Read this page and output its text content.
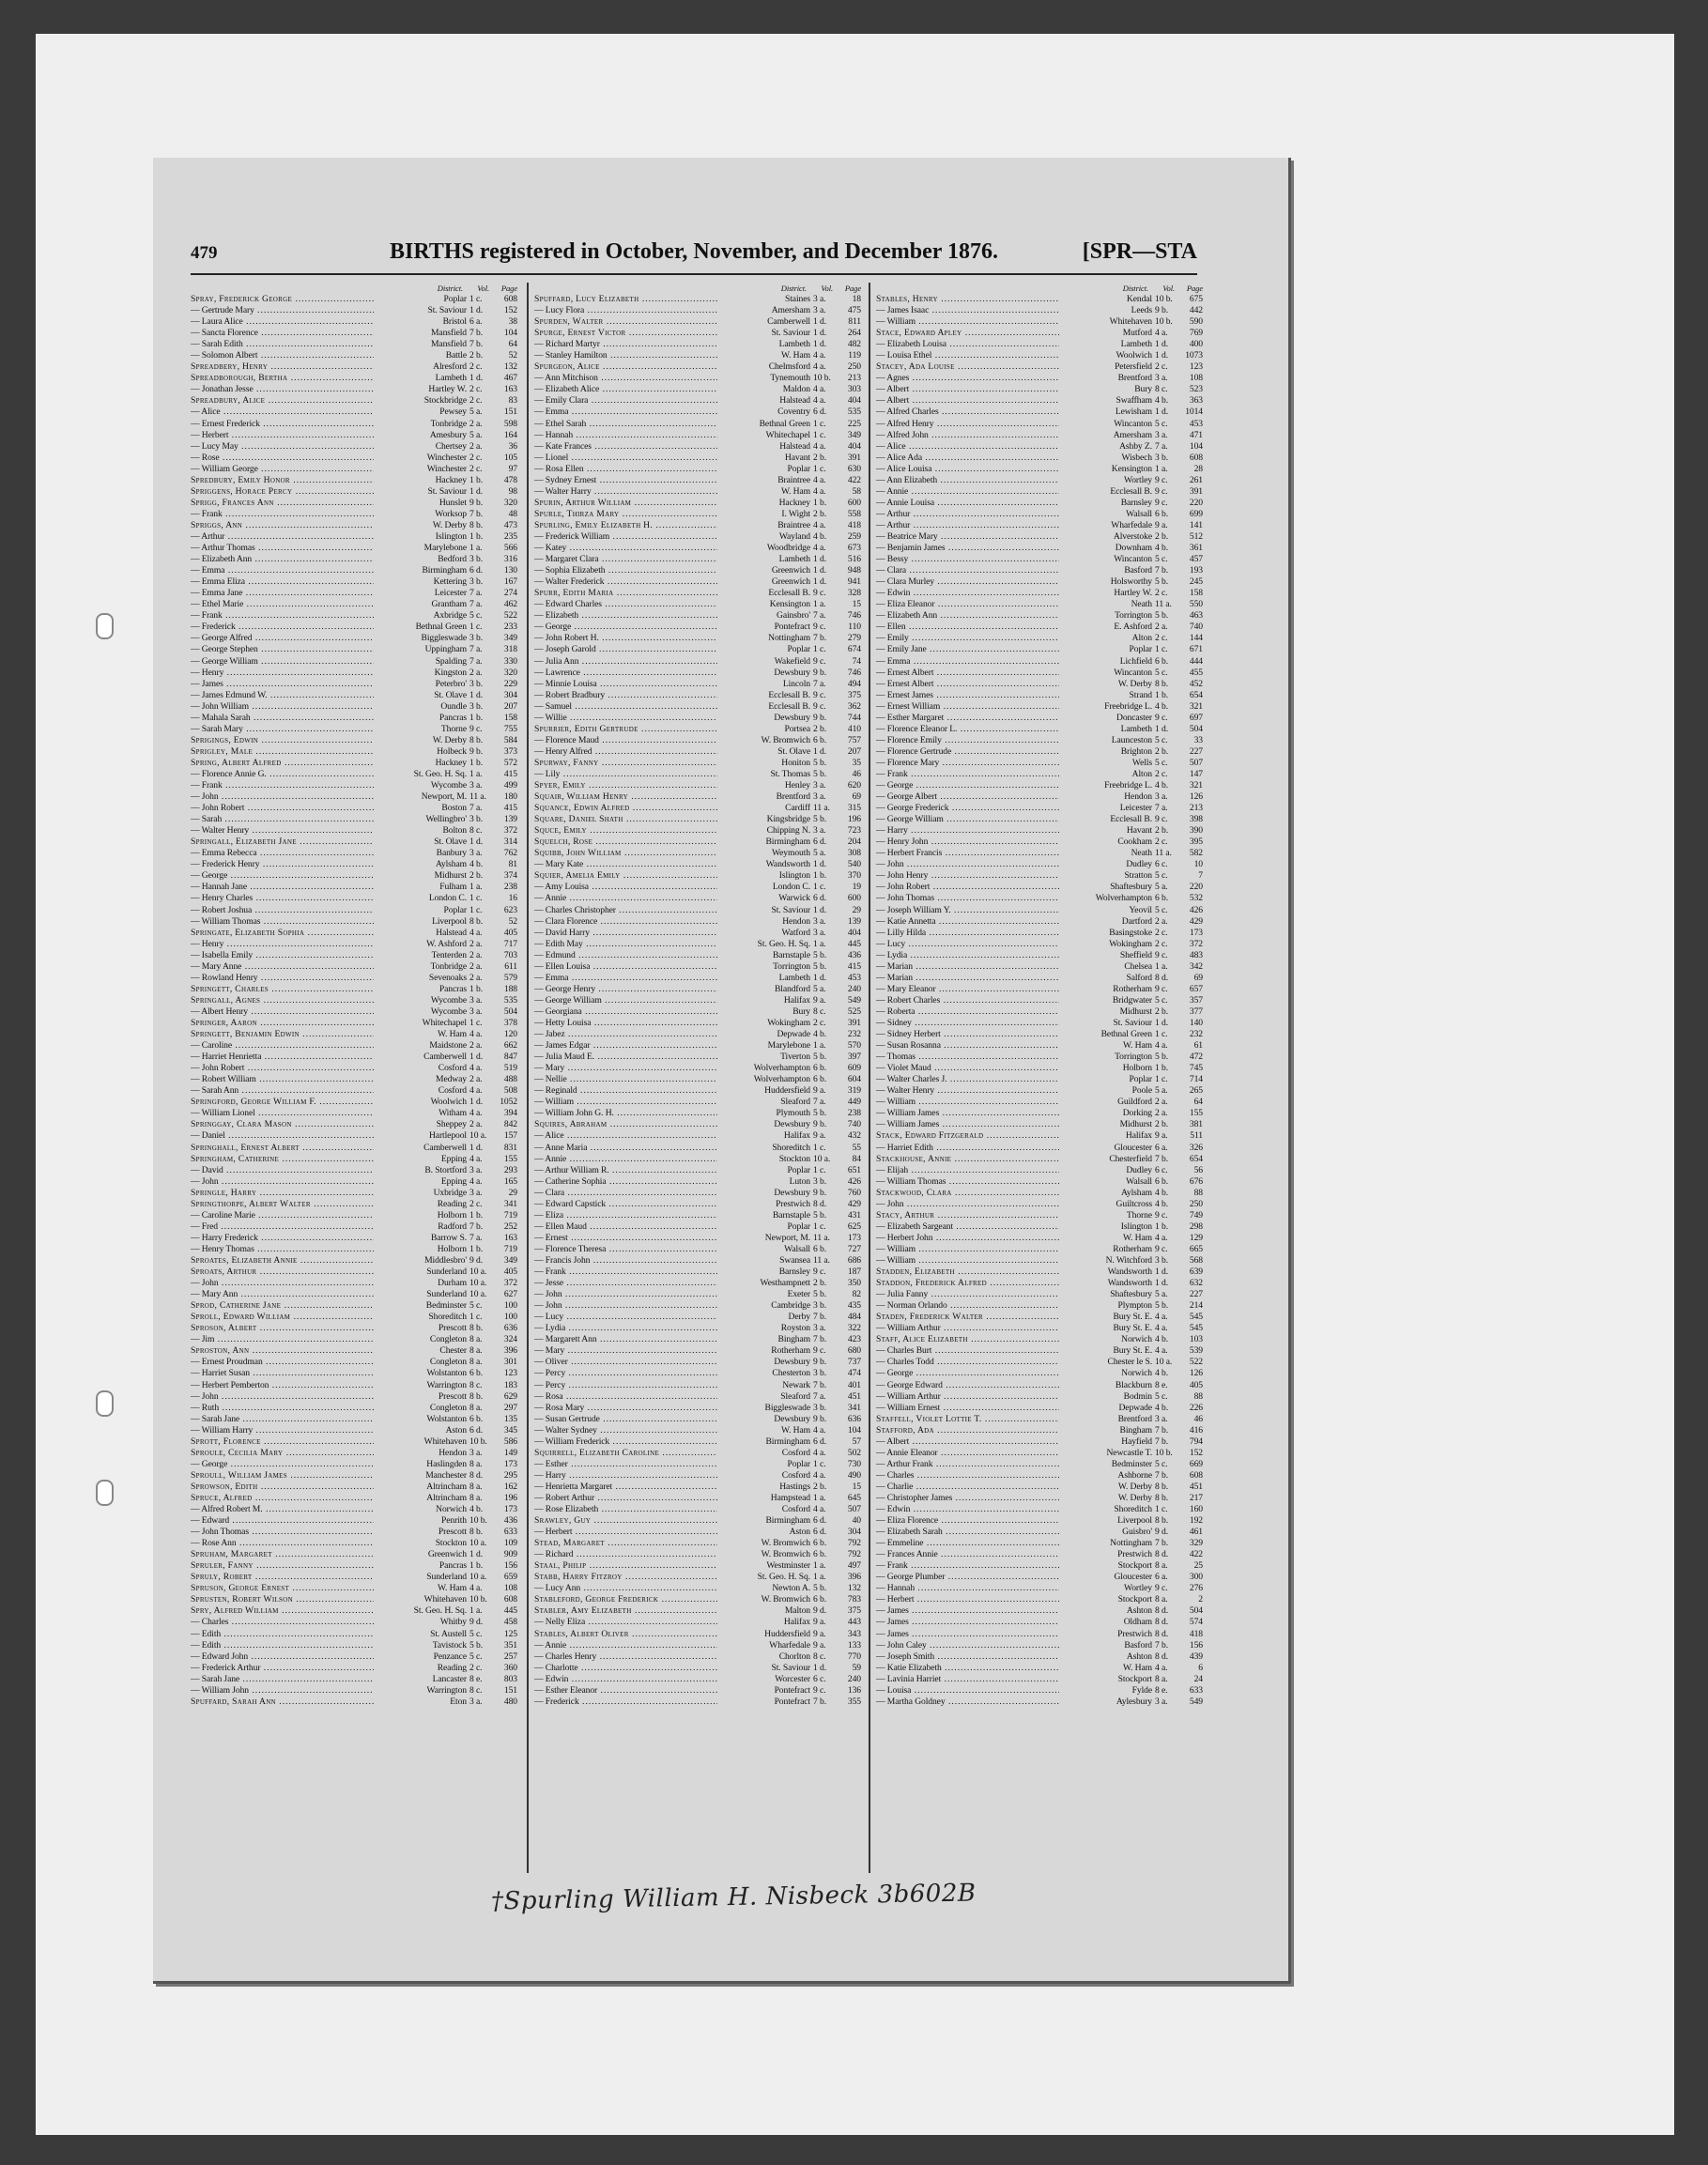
479	BIRTHS registered in October, November, and December 1876.	[SPR—STA
District. Vol. Page
Spray, Frederick George .....	Poplar 1 c.	608
— Gertrude Mary .....	St. Saviour 1 d.	152
— Laura Alice .....	Bristol 6 a.	38
— Sancta Florence .....	Mansfield 7 b.	104
— Sarah Edith .....	Mansfield 7 b.	64
— Solomon Albert .....	Battle 2 b.	52
Spreadbery, Henry .....	Alresford 2 c.	132
Spreadborough, Bertha .....	Lambeth 1 d.	467
— Jonathan Jesse .....	Hartley W. 2 c.	163
Spreadbury, Alice .....	Stockbridge 2 c.	83
— Alice .....	Pewsey 5 a.	151
— Ernest Frederick .....	Tonbridge 2 a.	598
— Herbert .....	Amesbury 5 a.	164
— Lucy May .....	Chertsey 2 a.	36
— Rose .....	Winchester 2 c.	105
— William George .....	Winchester 2 c.	97
Spredbury, Emily Honor .....	Hackney 1 b.	478
Spriggens, Horace Percy .....	St. Saviour 1 d.	98
Sprigg, Frances Ann .....	Hunslet 9 b.	320
— Frank .....	Worksop 7 b.	48
Spriggs, Ann .....	W. Derby 8 b.	473
— Arthur .....	Islington 1 b.	235
— Arthur Thomas .....	Marylebone 1 a.	566
— Elizabeth Ann .....	Bedford 3 b.	316
— Emma .....	Birmingham 6 d.	130
— Emma Eliza .....	Kettering 3 b.	167
— Emma Jane .....	Leicester 7 a.	274
— Ethel Marie .....	Grantham 7 a.	462
— Frank .....	Axbridge 5 c.	522
— Frederick .....	Bethnal Green 1 c.	233
— George Alfred .....	Biggleswade 3 b.	349
— George Stephen .....	Uppingham 7 a.	318
— George William .....	Spalding 7 a.	330
— Henry .....	Kingston 2 a.	320
— James .....	Peterbro' 3 b.	229
— James Edmund W. .....	St. Olave 1 d.	304
— John William .....	Oundle 3 b.	207
— Mahala Sarah .....	Pancras 1 b.	158
— Sarah Mary .....	Thorne 9 c.	755
Sprigings, Edwin .....	W. Derby 8 b.	584
Sprigley, Male .....	Holbeck 9 b.	373
Spring, Albert Alfred .....	Hackney 1 b.	572
— Florence Annie G. .....	St. Geo. H. Sq. 1 a.	415
— Frank .....	Wycombe 3 a.	499
— John .....	Newport, M. 11 a.	180
— John Robert .....	Boston 7 a.	415
— Sarah .....	Wellingbro' 3 b.	139
— Walter Henry .....	Bolton 8 c.	372
Springall, Elizabeth Jane .....	St. Olave 1 d.	314
— Emma Rebecca .....	Banbury 3 a.	762
— Frederick Henry .....	Aylsham 4 b.	81
— George .....	Midhurst 2 b.	374
— Hannah Jane .....	Fulham 1 a.	238
— Henry Charles .....	London C. 1 c.	16
— Robert Joshua .....	Poplar 1 c.	623
— William Thomas .....	Liverpool 8 b.	52
Springate, Elizabeth Sophia .....	Halstead 4 a.	405
— Henry .....	W. Ashford 2 a.	717
— Isabella Emily .....	Tenterden 2 a.	703
— Mary Anne .....	Tonbridge 2 a.	611
— Rowland Henry .....	Sevenoaks 2 a.	579
Springett, Charles .....	Pancras 1 b.	188
Springall, Agnes .....	Wycombe 3 a.	535
— Albert Henry .....	Wycombe 3 a.	504
Springer, Aaron .....	Whitechapel 1 c.	378
Springett, Benjamin Edwin .....	W. Ham 4 a.	120
— Caroline .....	Maidstone 2 a.	662
— Harriet Henrietta .....	Camberwell 1 d.	847
— John Robert .....	Cosford 4 a.	519
— Robert William .....	Medway 2 a.	488
— Sarah Ann .....	Cosford 4 a.	508
Springford, George William F. .....	Woolwich 1 d.	1052
— William Lionel .....	Witham 4 a.	394
Springgay, Clara Mason .....	Sheppey 2 a.	842
— Daniel .....	Hartlepool 10 a.	157
Springhall, Ernest Albert .....	Camberwell 1 d.	831
Springham, Catherine .....	Epping 4 a.	155
— David .....	B. Stortford 3 a.	293
— John .....	Epping 4 a.	165
Springle, Harry .....	Uxbridge 3 a.	29
Springthorpe, Albert Walter .....	Reading 2 c.	341
— Caroline Marie .....	Holborn 1 b.	719
— Fred .....	Radford 7 b.	252
— Harry Frederick .....	Barrow S. 7 a.	163
— Henry Thomas .....	Holborn 1 b.	719
Sproates, Elizabeth Annie .....	Middlesbro' 9 d.	349
Sproats, Arthur .....	Sunderland 10 a.	405
— John .....	Durham 10 a.	372
— Mary Ann .....	Sunderland 10 a.	627
Sprod, Catherine Jane .....	Bedminster 5 c.	100
Sproll, Edward William .....	Shoreditch 1 c.	100
Sproson, Albert .....	Prescott 8 b.	636
— Jim .....	Congleton 8 a.	324
Sproston, Ann .....	Chester 8 a.	396
— Ernest Proudman .....	Congleton 8 a.	301
— Harriet Susan .....	Wolstanton 6 b.	123
— Herbert Pemberton .....	Warrington 8 c.	183
— John .....	Prescott 8 b.	629
— Ruth .....	Congleton 8 a.	297
— Sarah Jane .....	Wolstanton 6 b.	135
— William Harry .....	Aston 6 d.	345
Sprott, Florence .....	Whitehaven 10 b.	586
Sproule, Cecilia Mary .....	Hendon 3 a.	149
— George .....	Haslingden 8 a.	173
Sproull, William James .....	Manchester 8 d.	295
Sprowson, Edith .....	Altrincham 8 a.	162
Spruce, Alfred .....	Altrincham 8 a.	196
— Alfred Robert M. .....	Norwich 4 b.	173
— Edward .....	Penrith 10 b.	436
— John Thomas .....	Prescott 8 b.	633
— Rose Ann .....	Stockton 10 a.	109
Spruham, Margaret .....	Greenwich 1 d.	909
Spruler, Fanny .....	Pancras 1 b.	156
Spruly, Robert .....	Sunderland 10 a.	659
Spruson, George Ernest .....	W. Ham 4 a.	108
Sprusten, Robert Wilson .....	Whitehaven 10 b.	608
Spry, Alfred William .....	St. Geo. H. Sq. 1 a.	445
— Charles .....	Whitby 9 d.	458
— Edith .....	St. Austell 5 c.	125
— Edith .....	Tavistock 5 b.	351
— Edward John .....	Penzance 5 c.	257
— Frederick Arthur .....	Reading 2 c.	360
— Sarah Jane .....	Lancaster 8 e.	803
— William John .....	Warrington 8 c.	151
Spuffard, Sarah Ann .....	Eton 3 a.	480
District. Vol. Page
Spuffard, Lucy Elizabeth .....	Staines 3 a.	18
— Lucy Flora .....	Amersham 3 a.	475
Spurden, Walter .....	Camberwell 1 d.	811
Spurge, Ernest Victor .....	St. Saviour 1 d.	264
— Richard Martyr .....	Lambeth 1 d.	482
— Stanley Hamilton .....	W. Ham 4 a.	119
Spurgeon, Alice .....	Chelmsford 4 a.	250
— Ann Mitchison .....	Tynemouth 10 b.	213
— Elizabeth Alice .....	Maldon 4 a.	303
— Emily Clara .....	Halstead 4 a.	404
— Emma .....	Coventry 6 d.	535
— Ethel Sarah .....	Bethnal Green 1 c.	225
— Hannah .....	Whitechapel 1 c.	349
— Kate Frances .....	Halstead 4 a.	404
— Lionel .....	Havant 2 b.	391
— Rosa Ellen .....	Poplar 1 c.	630
— Sydney Ernest .....	Braintree 4 a.	422
— Walter Harry .....	W. Ham 4 a.	58
Spurin, Arthur William .....	Hackney 1 b.	600
Spurle, Thirza Mary .....	I. Wight 2 b.	558
Spurling, Emily Elizabeth H. .....	Braintree 4 a.	418
— Frederick William .....	Wayland 4 b.	259
— Katey .....	Woodbridge 4 a.	673
— Margaret Clara .....	Lambeth 1 d.	516
— Sophia Elizabeth .....	Greenwich 1 d.	948
— Walter Frederick .....	Greenwich 1 d.	941
Spurr, Edith Maria .....	Ecclesall B. 9 c.	328
— Edward Charles .....	Kensington 1 a.	15
— Elizabeth .....	Gainsbro' 7 a.	746
— George .....	Pontefract 9 c.	110
— John Robert H. .....	Nottingham 7 b.	279
— Joseph Garold .....	Poplar 1 c.	674
— Julia Ann .....	Wakefield 9 c.	74
— Lawrence .....	Dewsbury 9 b.	746
— Minnie Louisa .....	Lincoln 7 a.	494
— Robert Bradbury .....	Ecclesall B. 9 c.	375
— Samuel .....	Ecclesall B. 9 c.	362
— Willie .....	Dewsbury 9 b.	744
Spurrier, Edith Gertrude .....	Portsea 2 b.	410
— Florence Maud .....	W. Bromwich 6 b.	757
— Henry Alfred .....	St. Olave 1 d.	207
Spurway, Fanny .....	Honiton 5 b.	35
— Lily .....	St. Thomas 5 b.	46
Spyer, Emily .....	Henley 3 a.	620
Squair, William Henry .....	Brentford 3 a.	69
Squance, Edwin Alfred .....	Cardiff 11 a.	315
Square, Daniel Shath .....	Kingsbridge 5 b.	196
Squce, Emily .....	Chipping N. 3 a.	723
Squelch, Rose .....	Birmingham 6 d.	204
Squibb, John William .....	Weymouth 5 a.	308
— Mary Kate .....	Wandsworth 1 d.	540
Squier, Amelia Emily .....	Islington 1 b.	370
— Amy Louisa .....	London C. 1 c.	19
— Annie .....	Warwick 6 d.	600
— Charles Christopher .....	St. Saviour 1 d.	29
— Clara Florence .....	Hendon 3 a.	139
— David Harry .....	Watford 3 a.	404
— Edith May .....	St. Geo. H. Sq. 1 a.	445
— Edmund .....	Barnstaple 5 b.	436
— Ellen Louisa .....	Torrington 5 b.	415
— Emma .....	Lambeth 1 d.	453
— George Henry .....	Blandford 5 a.	240
— George William .....	Halifax 9 a.	549
— Georgiana .....	Bury 8 c.	525
— Hetty Louisa .....	Wokingham 2 c.	391
— Jabez .....	Depwade 4 b.	232
— James Edgar .....	Marylebone 1 a.	570
— Julia Maud E. .....	Tiverton 5 b.	397
— Mary .....	Wolverhampton 6 b.	609
— Nellie .....	Wolverhampton 6 b.	604
— Reginald .....	Huddersfield 9 a.	319
— William .....	Sleaford 7 a.	449
— William John G. H. .....	Plymouth 5 b.	238
Squires, Abraham .....	Dewsbury 9 b.	740
— Alice .....	Halifax 9 a.	432
— Anne Maria .....	Shoreditch 1 c.	55
— Annie .....	Stockton 10 a.	84
— Arthur William R. .....	Poplar 1 c.	651
— Catherine Sophia .....	Luton 3 b.	426
— Clara .....	Dewsbury 9 b.	760
— Edward Capstick .....	Prestwich 8 d.	429
— Eliza .....	Barnstaple 5 b.	431
— Ellen Maud .....	Poplar 1 c.	625
— Ernest .....	Newport, M. 11 a.	173
— Florence Theresa .....	Walsall 6 b.	727
— Francis John .....	Swansea 11 a.	686
— Frank .....	Barnsley 9 c.	187
— Jesse .....	Westhampnett 2 b.	350
— John .....	Exeter 5 b.	82
— John .....	Cambridge 3 b.	435
— Lucy .....	Derby 7 b.	484
— Lydia .....	Royston 3 a.	322
— Margarett Ann .....	Bingham 7 b.	423
— Mary .....	Rotherham 9 c.	680
— Oliver .....	Dewsbury 9 b.	737
— Percy .....	Chesterton 3 b.	474
— Percy .....	Newark 7 b.	401
— Rosa .....	Sleaford 7 a.	451
— Rosa Mary .....	Biggleswade 3 b.	341
— Susan Gertrude .....	Dewsbury 9 b.	636
— Walter Sydney .....	W. Ham 4 a.	104
— William Frederick .....	Birmingham 6 d.	57
Squirrell, Elizabeth Caroline .....	Cosford 4 a.	502
— Esther .....	Poplar 1 c.	730
— Harry .....	Cosford 4 a.	490
— Henrietta Margaret .....	Hastings 2 b.	15
— Robert Arthur .....	Hampstead 1 a.	645
— Rose Elizabeth .....	Cosford 4 a.	507
Srawley, Guy .....	Birmingham 6 d.	40
— Herbert .....	Aston 6 d.	304
Stead, Margaret .....	W. Bromwich 6 b.	792
— Richard .....	W. Bromwich 6 b.	792
Staal, Philip .....	Westminster 1 a.	497
Stabb, Harry Fitzroy .....	St. Geo. H. Sq. 1 a.	396
— Lucy Ann .....	Newton A. 5 b.	132
Stableford, George Frederick .....	W. Bromwich 6 b.	783
Stabler, Amy Elizabeth .....	Malton 9 d.	375
— Nelly Eliza .....	Halifax 9 a.	443
Stables, Albert Oliver .....	Huddersfield 9 a.	343
— Annie .....	Wharfedale 9 a.	133
— Charles Henry .....	Chorlton 8 c.	770
— Charlotte .....	St. Saviour 1 d.	59
— Edwin .....	Worcester 6 c.	240
— Esther Eleanor .....	Pontefract 9 c.	136
— Frederick .....	Pontefract 7 b.	355
District. Vol. Page
Stables, Henry .....	Kendal 10 b.	675
— James Isaac .....	Leeds 9 b.	442
— William .....	Whitehaven 10 b.	590
Stace, Edward Apley .....	Mutford 4 a.	769
— Elizabeth Louisa .....	Lambeth 1 d.	400
— Louisa Ethel .....	Woolwich 1 d.	1073
Stacey, Ada Louise .....	Petersfield 2 c.	123
— Agnes .....	Brentford 3 a.	108
— Albert .....	Bury 8 c.	523
— Albert .....	Swaffham 4 b.	363
— Alfred Charles .....	Lewisham 1 d.	1014
— Alfred Henry .....	Wincanton 5 c.	453
— Alfred John .....	Amersham 3 a.	471
— Alice .....	Ashby Z. 7 a.	104
— Alice Ada .....	Wisbech 3 b.	608
— Alice Louisa .....	Kensington 1 a.	28
— Ann Elizabeth .....	Wortley 9 c.	261
— Annie .....	Ecclesall B. 9 c.	391
— Annie Louisa .....	Barnsley 9 c.	220
— Arthur .....	Walsall 6 b.	699
— Arthur .....	Wharfedale 9 a.	141
— Beatrice Mary .....	Alverstoke 2 b.	512
— Benjamin James .....	Downham 4 b.	361
— Bessy .....	Wincanton 5 c.	457
— Clara .....	Basford 7 b.	193
— Clara Murley .....	Holsworthy 5 b.	245
— Edwin .....	Hartley W. 2 c.	158
— Eliza Eleanor .....	Neath 11 a.	550
— Elizabeth Ann .....	Torrington 5 b.	463
— Ellen .....	E. Ashford 2 a.	740
— Emily .....	Alton 2 c.	144
— Emily Jane .....	Poplar 1 c.	671
— Emma .....	Lichfield 6 b.	444
— Ernest Albert .....	Wincanton 5 c.	455
— Ernest Albert .....	W. Derby 8 b.	452
— Ernest James .....	Strand 1 b.	654
— Ernest William .....	Freebridge L. 4 b.	321
— Esther Margaret .....	Doncaster 9 c.	697
— Florence Eleanor L. .....	Lambeth 1 d.	504
— Florence Emily .....	Launceston 5 c.	33
— Florence Gertrude .....	Brighton 2 b.	227
— Florence Mary .....	Wells 5 c.	507
— Frank .....	Alton 2 c.	147
— George .....	Freebridge L. 4 b.	321
— George Albert .....	Hendon 3 a.	126
— George Frederick .....	Leicester 7 a.	213
— George William .....	Ecclesall B. 9 c.	398
— Harry .....	Havant 2 b.	390
— Henry John .....	Cookham 2 c.	395
— Herbert Francis .....	Neath 11 a.	582
— John .....	Dudley 6 c.	10
— John Henry .....	Stratton 5 c.	7
— John Robert .....	Shaftesbury 5 a.	220
— John Thomas .....	Wolverhampton 6 b.	532
— Joseph William Y. .....	Yeovil 5 c.	426
— Katie Annetta .....	Dartford 2 a.	429
— Lilly Hilda .....	Basingstoke 2 c.	173
— Lucy .....	Wokingham 2 c.	372
— Lydia .....	Sheffield 9 c.	483
— Marian .....	Chelsea 1 a.	342
— Marian .....	Salford 8 d.	69
— Mary Eleanor .....	Rotherham 9 c.	657
— Robert Charles .....	Bridgwater 5 c.	357
— Roberta .....	Midhurst 2 b.	377
— Sidney .....	St. Saviour 1 d.	140
— Sidney Herbert .....	Bethnal Green 1 c.	232
— Susan Rosanna .....	W. Ham 4 a.	61
— Thomas .....	Torrington 5 b.	472
— Violet Maud .....	Holborn 1 b.	745
— Walter Charles J. .....	Poplar 1 c.	714
— Walter Henry .....	Poole 5 a.	265
— William .....	Guildford 2 a.	64
— William James .....	Dorking 2 a.	155
— William James .....	Midhurst 2 b.	381
Stack, Edward Fitzgerald .....	Halifax 9 a.	511
— Harriet Edith .....	Gloucester 6 a.	326
Stackhouse, Annie .....	Chesterfield 7 b.	654
— Elijah .....	Dudley 6 c.	56
— William Thomas .....	Walsall 6 b.	676
Stackwood, Clara .....	Aylsham 4 b.	88
— John .....	Guiltcross 4 b.	250
Stacy, Arthur .....	Thorne 9 c.	749
— Elizabeth Sargeant .....	Islington 1 b.	298
— Herbert John .....	W. Ham 4 a.	129
— William .....	Rotherham 9 c.	665
— William .....	N. Witchford 3 b.	568
Stadden, Elizabeth .....	Wandsworth 1 d.	639
Staddon, Frederick Alfred .....	Wandsworth 1 d.	632
— Julia Fanny .....	Shaftesbury 5 a.	227
— Norman Orlando .....	Plympton 5 b.	214
Staden, Frederick Walter .....	Bury St. E. 4 a.	545
— William Arthur .....	Bury St. E. 4 a.	545
Staff, Alice Elizabeth .....	Norwich 4 b.	103
— Charles Burt .....	Bury St. E. 4 a.	539
— Charles Todd .....	Chester le S. 10 a.	522
— George .....	Norwich 4 b.	126
— George Edward .....	Blackburn 8 e.	405
— William Arthur .....	Bodmin 5 c.	88
— William Ernest .....	Depwade 4 b.	226
Staffell, Violet Lottie T. .....	Brentford 3 a.	46
Stafford, Ada .....	Bingham 7 b.	416
— Albert .....	Hayfield 7 b.	794
— Annie Eleanor .....	Newcastle T. 10 b.	152
— Arthur Frank .....	Bedminster 5 c.	669
— Charles .....	Ashborne 7 b.	608
— Charlie .....	W. Derby 8 b.	451
— Christopher James .....	W. Derby 8 b.	217
— Edwin .....	Shoreditch 1 c.	160
— Eliza Florence .....	Liverpool 8 b.	192
— Elizabeth Sarah .....	Guisbro' 9 d.	461
— Emmeline .....	Nottingham 7 b.	329
— Frances Annie .....	Prestwich 8 d.	422
— Frank .....	Stockport 8 a.	25
— George Plumber .....	Gloucester 6 a.	300
— Hannah .....	Wortley 9 c.	276
— Herbert .....	Stockport 8 a.	2
— James .....	Ashton 8 d.	504
— James .....	Oldham 8 d.	574
— James .....	Prestwich 8 d.	418
— John Caley .....	Basford 7 b.	156
— Joseph Smith .....	Ashton 8 d.	439
— Katie Elizabeth .....	W. Ham 4 a.	6
— Lavinia Harriet .....	Stockport 8 a.	24
— Louisa .....	Fylde 8 e.	633
— Martha Goldney .....	Aylesbury 3 a.	549
†Spurling William H. Nisbeck 3b602B
